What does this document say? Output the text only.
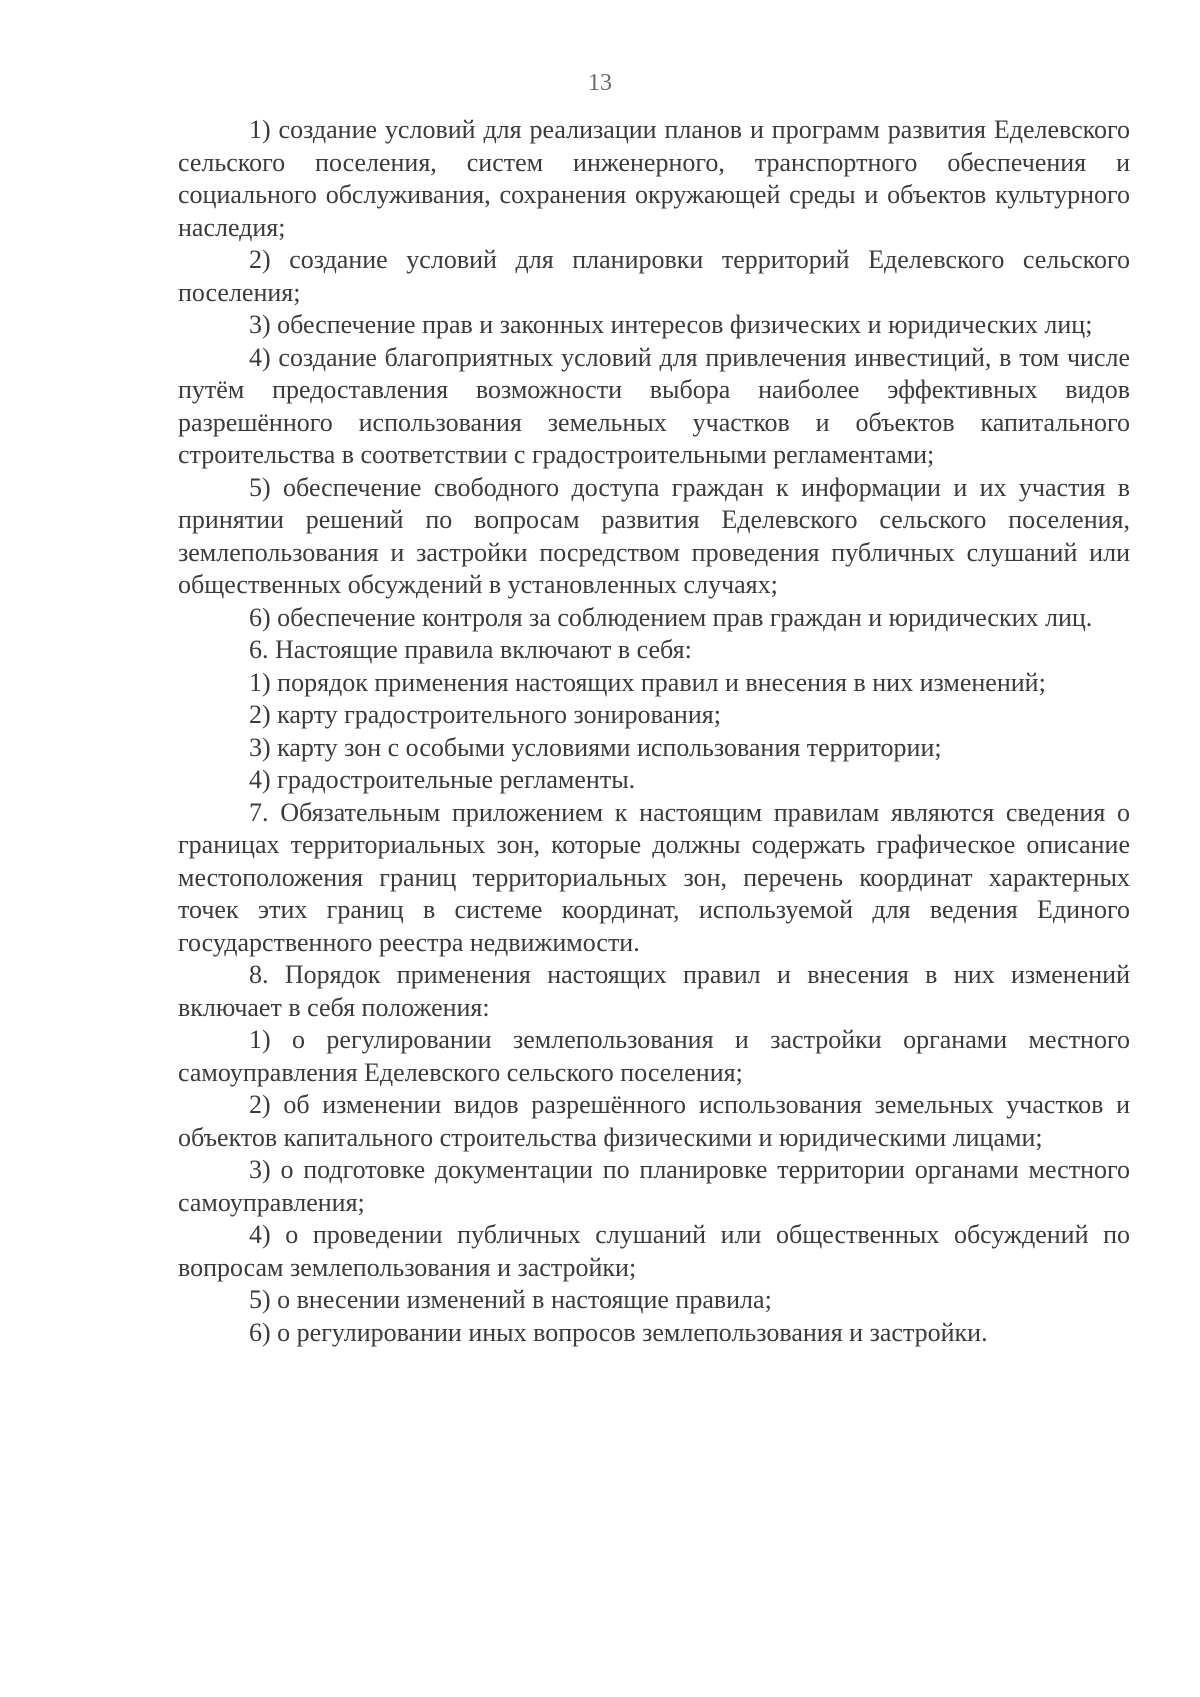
13

1) создание условий для реализации планов и программ развития Еделевского сельского поселения, систем инженерного, транспортного обеспечения и социального обслуживания, сохранения окружающей среды и объектов культурного наследия;

2) создание условий для планировки территорий Еделевского сельского поселения;

3) обеспечение прав и законных интересов физических и юридических лиц;

4) создание благоприятных условий для привлечения инвестиций, в том числе путём предоставления возможности выбора наиболее эффективных видов разрешённого использования земельных участков и объектов капитального строительства в соответствии с градостроительными регламентами;

5) обеспечение свободного доступа граждан к информации и их участия в принятии решений по вопросам развития Еделевского сельского поселения, землепользования и застройки посредством проведения публичных слушаний или общественных обсуждений в установленных случаях;

6) обеспечение контроля за соблюдением прав граждан и юридических лиц.

6. Настоящие правила включают в себя:

1) порядок применения настоящих правил и внесения в них изменений;

2) карту градостроительного зонирования;

3) карту зон с особыми условиями использования территории;

4) градостроительные регламенты.

7. Обязательным приложением к настоящим правилам являются сведения о границах территориальных зон, которые должны содержать графическое описание местоположения границ территориальных зон, перечень координат характерных точек этих границ в системе координат, используемой для ведения Единого государственного реестра недвижимости.

8. Порядок применения настоящих правил и внесения в них изменений включает в себя положения:

1) о регулировании землепользования и застройки органами местного самоуправления Еделевского сельского поселения;

2) об изменении видов разрешённого использования земельных участков и объектов капитального строительства физическими и юридическими лицами;

3) о подготовке документации по планировке территории органами местного самоуправления;

4) о проведении публичных слушаний или общественных обсуждений по вопросам землепользования и застройки;

5) о внесении изменений в настоящие правила;

6) о регулировании иных вопросов землепользования и застройки.
